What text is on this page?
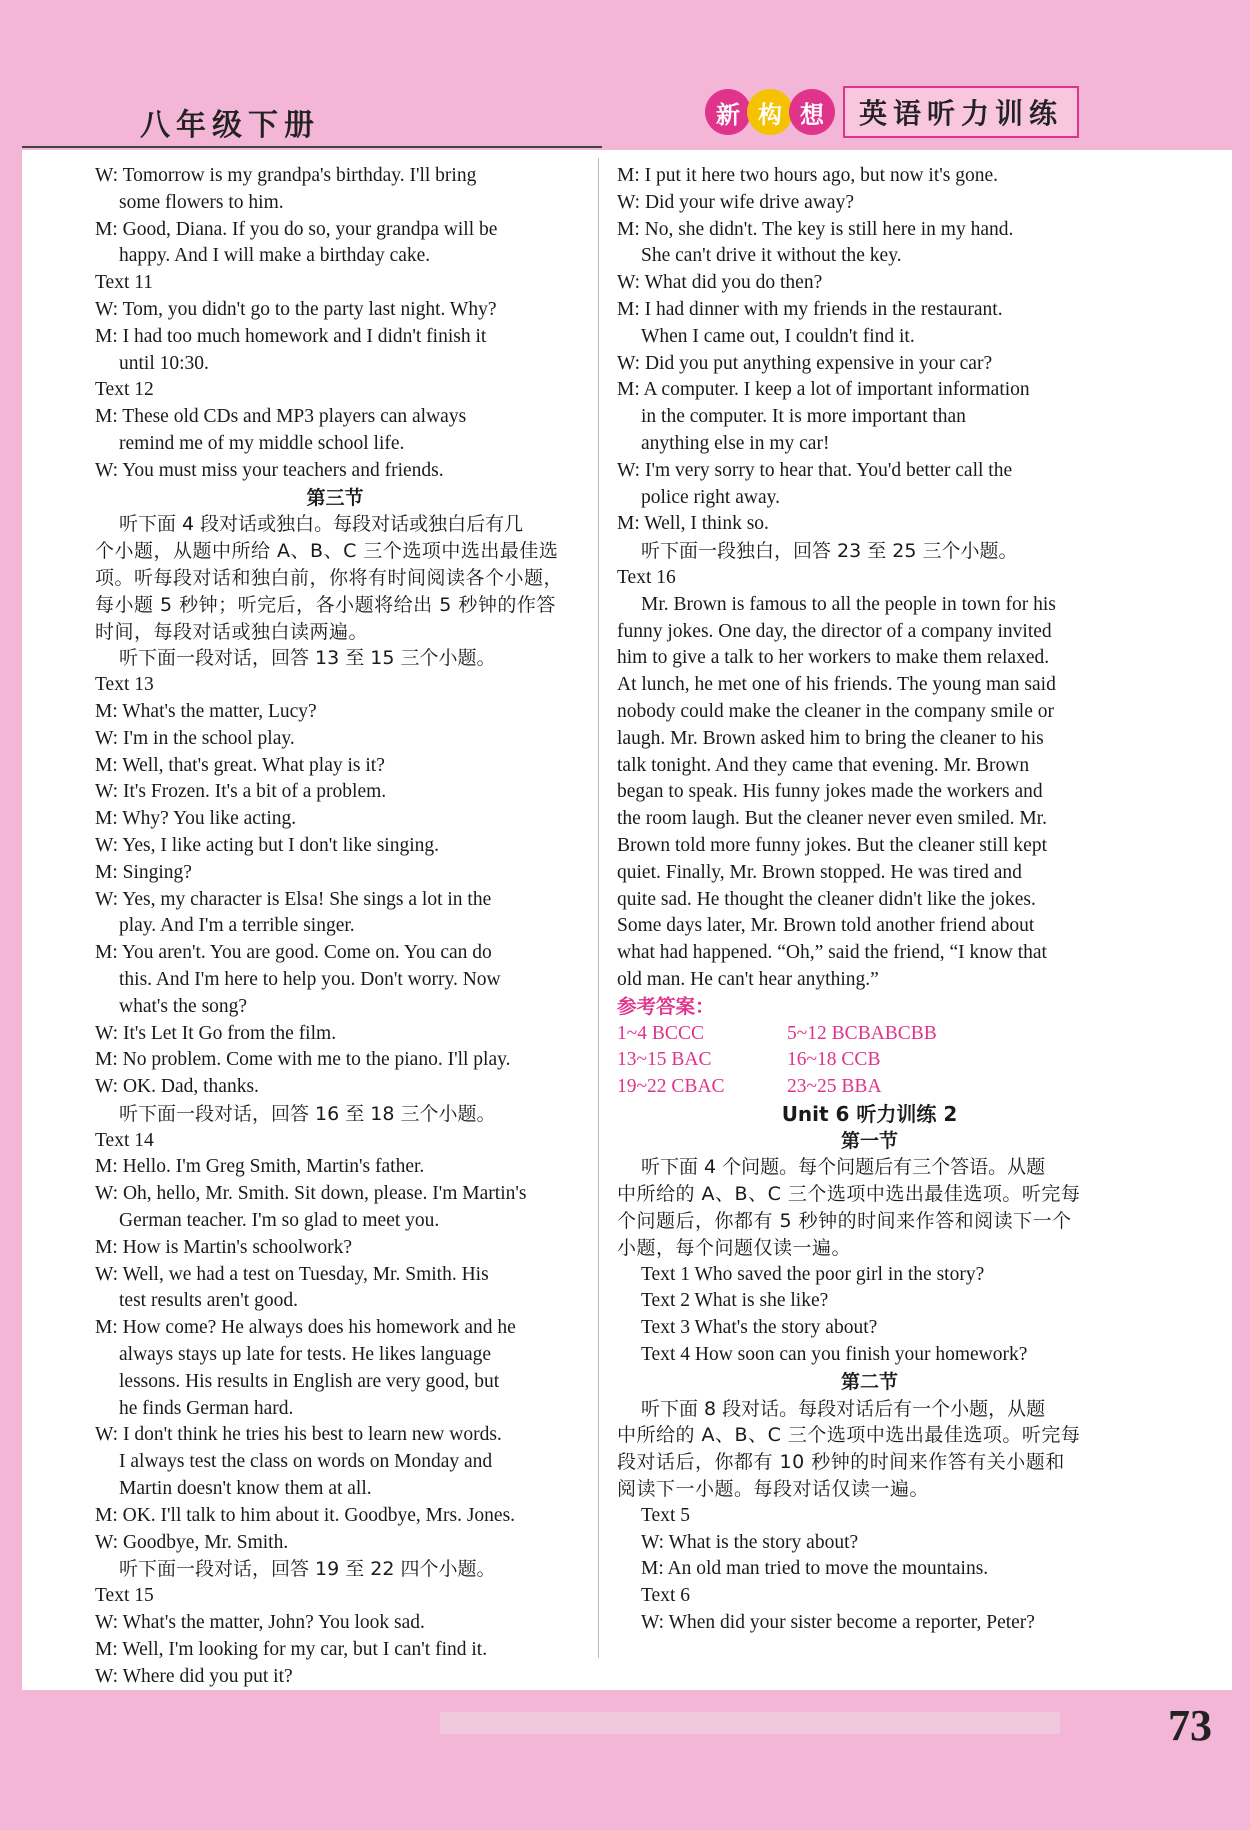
八年级下册	新 构 想	英语听力训练
W: Tomorrow is my grandpa's birthday. I'll bring
some flowers to him.
M: Good, Diana. If you do so, your grandpa will be
happy. And I will make a birthday cake.
Text 11
W: Tom, you didn't go to the party last night. Why?
M: I had too much homework and I didn't finish it
until 10:30.
Text 12
M: These old CDs and MP3 players can always
remind me of my middle school life.
W: You must miss your teachers and friends.
第三节
听下面 4 段对话或独白。每段对话或独白后有几
个小题，从题中所给 A、B、C 三个选项中选出最佳选
项。听每段对话和独白前，你将有时间阅读各个小题，
每小题 5 秒钟；听完后，各小题将给出 5 秒钟的作答
时间，每段对话或独白读两遍。
听下面一段对话，回答 13 至 15 三个小题。
Text 13
M: What's the matter, Lucy?
W: I'm in the school play.
M: Well, that's great. What play is it?
W: It's Frozen. It's a bit of a problem.
M: Why? You like acting.
W: Yes, I like acting but I don't like singing.
M: Singing?
W: Yes, my character is Elsa! She sings a lot in the
play. And I'm a terrible singer.
M: You aren't. You are good. Come on. You can do
this. And I'm here to help you. Don't worry. Now
what's the song?
W: It's Let It Go from the film.
M: No problem. Come with me to the piano. I'll play.
W: OK. Dad, thanks.
听下面一段对话，回答 16 至 18 三个小题。
Text 14
M: Hello. I'm Greg Smith, Martin's father.
W: Oh, hello, Mr. Smith. Sit down, please. I'm Martin's
German teacher. I'm so glad to meet you.
M: How is Martin's schoolwork?
W: Well, we had a test on Tuesday, Mr. Smith. His
test results aren't good.
M: How come? He always does his homework and he
always stays up late for tests. He likes language
lessons. His results in English are very good, but
he finds German hard.
W: I don't think he tries his best to learn new words.
I always test the class on words on Monday and
Martin doesn't know them at all.
M: OK. I'll talk to him about it. Goodbye, Mrs. Jones.
W: Goodbye, Mr. Smith.
听下面一段对话，回答 19 至 22 四个小题。
Text 15
W: What's the matter, John? You look sad.
M: Well, I'm looking for my car, but I can't find it.
W: Where did you put it?
M: I put it here two hours ago, but now it's gone.
W: Did your wife drive away?
M: No, she didn't. The key is still here in my hand.
She can't drive it without the key.
W: What did you do then?
M: I had dinner with my friends in the restaurant.
When I came out, I couldn't find it.
W: Did you put anything expensive in your car?
M: A computer. I keep a lot of important information
in the computer. It is more important than
anything else in my car!
W: I'm very sorry to hear that. You'd better call the
police right away.
M: Well, I think so.
听下面一段独白，回答 23 至 25 三个小题。
Text 16
Mr. Brown is famous to all the people in town for his
funny jokes. One day, the director of a company invited
him to give a talk to her workers to make them relaxed.
At lunch, he met one of his friends. The young man said
nobody could make the cleaner in the company smile or
laugh. Mr. Brown asked him to bring the cleaner to his
talk tonight. And they came that evening. Mr. Brown
began to speak. His funny jokes made the workers and
the room laugh. But the cleaner never even smiled. Mr.
Brown told more funny jokes. But the cleaner still kept
quiet. Finally, Mr. Brown stopped. He was tired and
quite sad. He thought the cleaner didn't like the jokes.
Some days later, Mr. Brown told another friend about
what had happened. “Oh,” said the friend, “I know that
old man. He can't hear anything.”
参考答案：
1~4 BCCC	5~12 BCBABCBB
13~15 BAC	16~18 CCB
19~22 CBAC	23~25 BBA
Unit 6 听力训练 2
第一节
听下面 4 个问题。每个问题后有三个答语。从题
中所给的 A、B、C 三个选项中选出最佳选项。听完每
个问题后，你都有 5 秒钟的时间来作答和阅读下一个
小题，每个问题仅读一遍。
Text 1 Who saved the poor girl in the story?
Text 2 What is she like?
Text 3 What's the story about?
Text 4 How soon can you finish your homework?
第二节
听下面 8 段对话。每段对话后有一个小题，从题
中所给的 A、B、C 三个选项中选出最佳选项。听完每
段对话后，你都有 10 秒钟的时间来作答有关小题和
阅读下一小题。每段对话仅读一遍。
Text 5
W: What is the story about?
M: An old man tried to move the mountains.
Text 6
W: When did your sister become a reporter, Peter?
73
